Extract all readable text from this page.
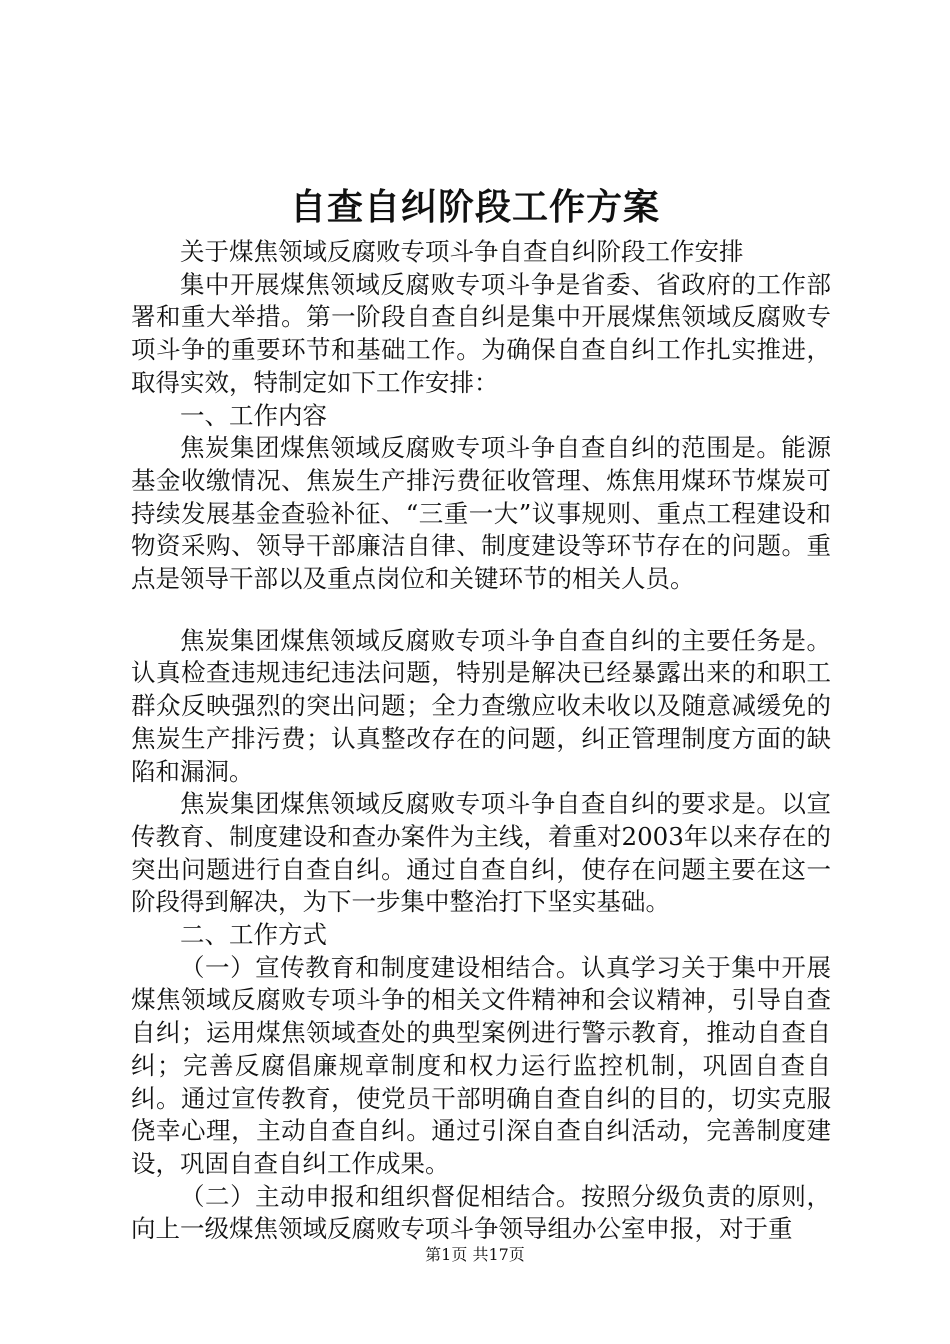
自查自纠阶段工作方案

关于煤焦领域反腐败专项斗争自查自纠阶段工作安排

集中开展煤焦领域反腐败专项斗争是省委、省政府的工作部署和重大举措。第一阶段自查自纠是集中开展煤焦领域反腐败专项斗争的重要环节和基础工作。为确保自查自纠工作扎实推进，取得实效，特制定如下工作安排：

一、工作内容

焦炭集团煤焦领域反腐败专项斗争自查自纠的范围是。能源基金收缴情况、焦炭生产排污费征收管理、炼焦用煤环节煤炭可持续发展基金查验补征、“三重一大”议事规则、重点工程建设和物资采购、领导干部廉洁自律、制度建设等环节存在的问题。重点是领导干部以及重点岗位和关键环节的相关人员。

焦炭集团煤焦领域反腐败专项斗争自查自纠的主要任务是。认真检查违规违纪违法问题，特别是解决已经暴露出来的和职工群众反映强烈的突出问题；全力查缴应收未收以及随意减缓免的焦炭生产排污费；认真整改存在的问题，纠正管理制度方面的缺陷和漏洞。

焦炭集团煤焦领域反腐败专项斗争自查自纠的要求是。以宣传教育、制度建设和查办案件为主线，着重对2003年以来存在的突出问题进行自查自纠。通过自查自纠，使存在问题主要在这一阶段得到解决，为下一步集中整治打下坚实基础。

二、工作方式

（一）宣传教育和制度建设相结合。认真学习关于集中开展煤焦领域反腐败专项斗争的相关文件精神和会议精神，引导自查自纠；运用煤焦领域查处的典型案例进行警示教育，推动自查自纠；完善反腐倡廉规章制度和权力运行监控机制，巩固自查自纠。通过宣传教育，使党员干部明确自查自纠的目的，切实克服侥幸心理，主动自查自纠。通过引深自查自纠活动，完善制度建设，巩固自查自纠工作成果。

（二）主动申报和组织督促相结合。按照分级负责的原则，向上一级煤焦领域反腐败专项斗争领导组办公室申报，对于重

第1页 共17页
